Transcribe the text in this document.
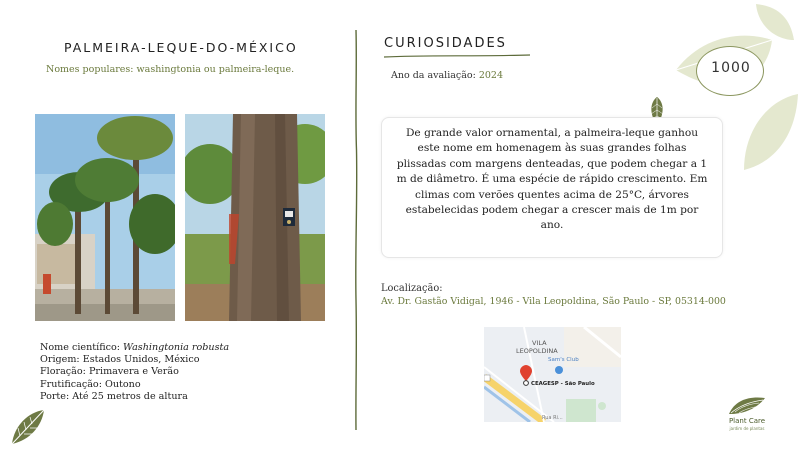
PALMEIRA-LEQUE-DO-MÉXICO
Nomes populares: washingtonia ou palmeira-leque.
Nome científico: Washingtonia robusta
Origem: Estados Unidos, México
Floração: Primavera e Verão
Frutificação: Outono
Porte: Até 25 metros de altura
CURIOSIDADES
Ano da avaliação: 2024	1000
De grande valor ornamental, a palmeira-leque ganhou este nome em homenagem às suas grandes folhas plissadas com margens denteadas, que podem chegar a 1 m de diâmetro. É uma espécie de rápido crescimento. Em climas com verões quentes acima de 25°C, árvores estabelecidas podem chegar a crescer mais de 1m por ano.
Localização:
Av. Dr. Gastão Vidigal, 1946 - Vila Leopoldina, São Paulo - SP, 05314-000
VILA
LEOPOLDINA
Sam's Club
CEAGESP - São Paulo
Rua Ri...	Plant Care
jardim de plantas
